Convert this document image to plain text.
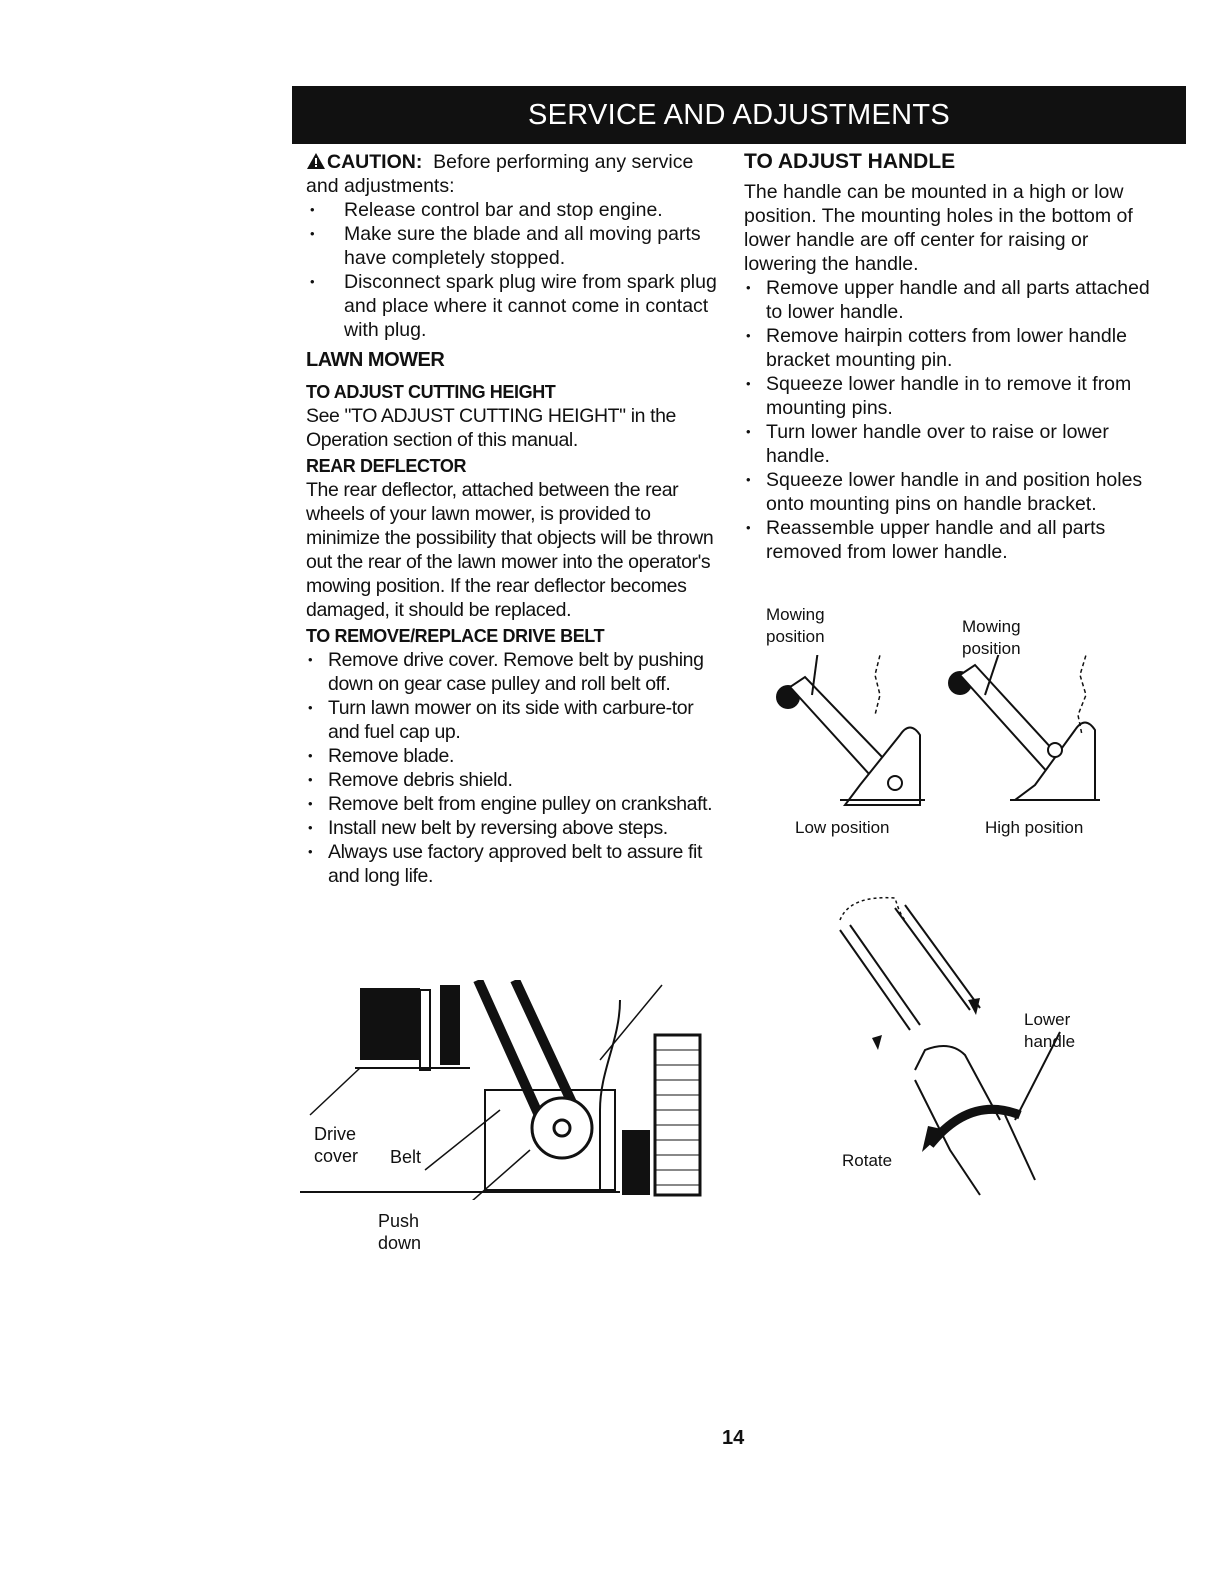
SERVICE AND ADJUSTMENTS

CAUTION: Before performing any service and adjustments:

• Release control bar and stop engine.
• Make sure the blade and all moving parts have completely stopped.
• Disconnect spark plug wire from spark plug and place where it cannot come in contact with plug.
LAWN MOWER
TO ADJUST CUTTING HEIGHT

See "TO ADJUST CUTTING HEIGHT" in the Operation section of this manual.

REAR DEFLECTOR

The rear deflector, attached between the rear wheels of your lawn mower, is provided to minimize the possibility that objects will be thrown out the rear of the lawn mower into the operator's mowing position. If the rear deflector becomes damaged, it should be replaced.

TO REMOVE/REPLACE DRIVE BELT
• Remove drive cover. Remove belt by pushing down on gear case pulley and roll belt off.
• Turn lawn mower on its side with carbure-tor and fuel cap up.
• Remove blade.
• Remove debris shield.
• Remove belt from engine pulley on crankshaft.
• Install new belt by reversing above steps.
• Always use factory approved belt to assure fit and long life.
Drive cover	Belt
Push down
TO ADJUST HANDLE

The handle can be mounted in a high or low position. The mounting holes in the bottom of lower handle are off center for raising or lowering the handle.

• Remove upper handle and all parts attached to lower handle.
• Remove hairpin cotters from lower handle bracket mounting pin.
• Squeeze lower handle in to remove it from mounting pins.
• Turn lower handle over to raise or lower handle.
• Squeeze lower handle in and position holes onto mounting pins on handle bracket.
• Reassemble upper handle and all parts removed from lower handle.
Mowing position
Mowing position
Low position	High position
Lower handle
Rotate
14
